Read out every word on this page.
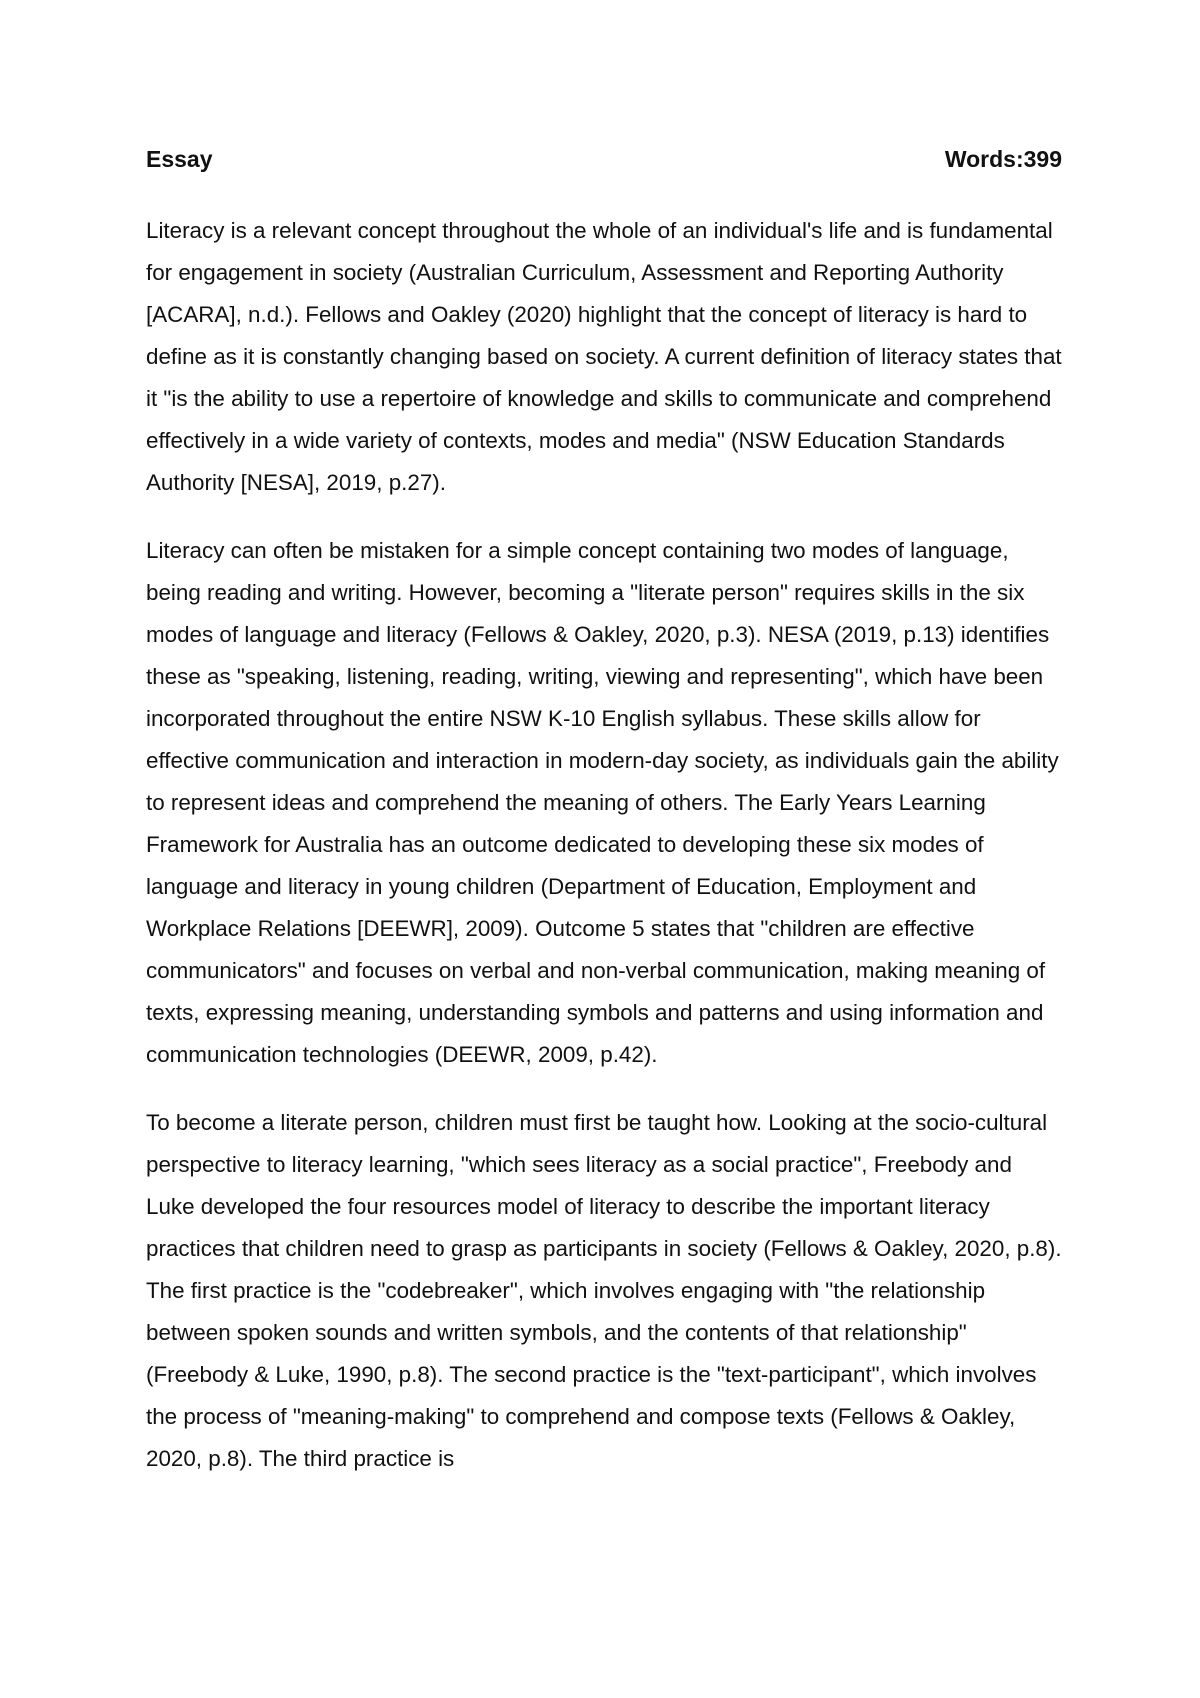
Essay	Words:399

Literacy is a relevant concept throughout the whole of an individual's life and is fundamental for engagement in society (Australian Curriculum, Assessment and Reporting Authority [ACARA], n.d.). Fellows and Oakley (2020) highlight that the concept of literacy is hard to define as it is constantly changing based on society. A current definition of literacy states that it "is the ability to use a repertoire of knowledge and skills to communicate and comprehend effectively in a wide variety of contexts, modes and media" (NSW Education Standards Authority [NESA], 2019, p.27).

Literacy can often be mistaken for a simple concept containing two modes of language, being reading and writing. However, becoming a "literate person" requires skills in the six modes of language and literacy (Fellows & Oakley, 2020, p.3). NESA (2019, p.13) identifies these as "speaking, listening, reading, writing, viewing and representing", which have been incorporated throughout the entire NSW K-10 English syllabus. These skills allow for effective communication and interaction in modern-day society, as individuals gain the ability to represent ideas and comprehend the meaning of others. The Early Years Learning Framework for Australia has an outcome dedicated to developing these six modes of language and literacy in young children (Department of Education, Employment and Workplace Relations [DEEWR], 2009). Outcome 5 states that "children are effective communicators" and focuses on verbal and non-verbal communication, making meaning of texts, expressing meaning, understanding symbols and patterns and using information and communication technologies (DEEWR, 2009, p.42).

To become a literate person, children must first be taught how. Looking at the socio-cultural perspective to literacy learning, "which sees literacy as a social practice", Freebody and Luke developed the four resources model of literacy to describe the important literacy practices that children need to grasp as participants in society (Fellows & Oakley, 2020, p.8). The first practice is the "codebreaker", which involves engaging with "the relationship between spoken sounds and written symbols, and the contents of that relationship" (Freebody & Luke, 1990, p.8). The second practice is the "text-participant", which involves the process of "meaning-making" to comprehend and compose texts (Fellows & Oakley, 2020, p.8). The third practice is
